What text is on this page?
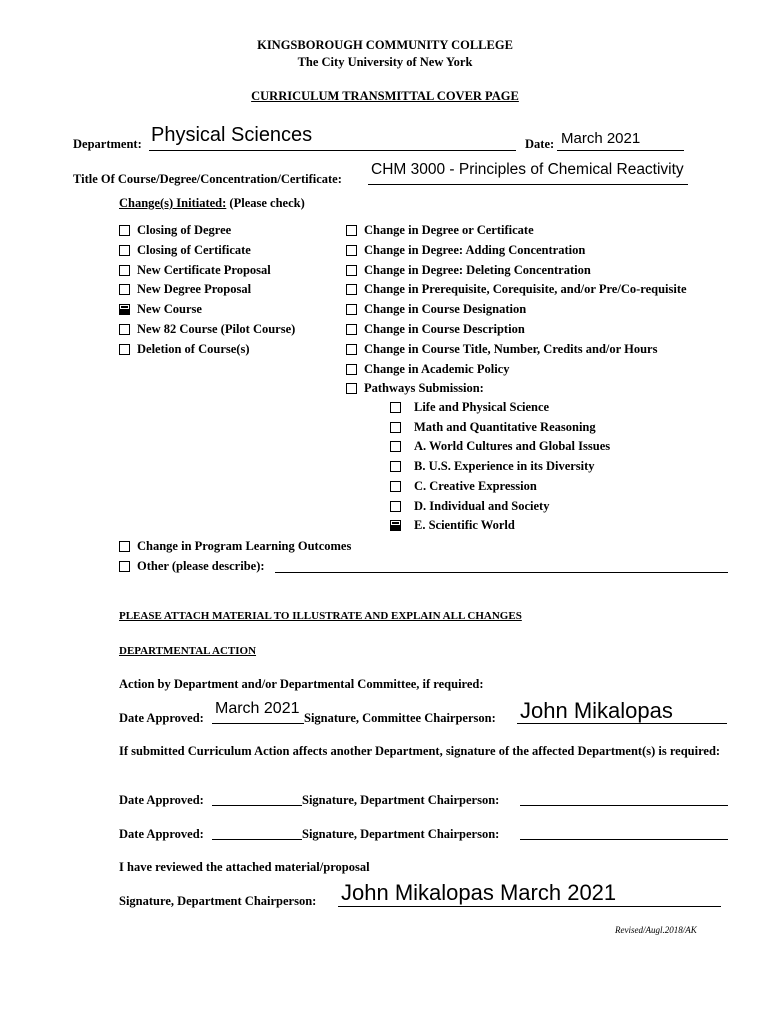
KINGSBOROUGH COMMUNITY COLLEGE
The City University of New York
CURRICULUM TRANSMITTAL COVER PAGE
Department: Physical Sciences	Date: March 2021
Title Of Course/Degree/Concentration/Certificate:
CHM 3000 - Principles of Chemical Reactivity
Change(s) Initiated: (Please check)
Closing of Degree
Closing of Certificate
New Certificate Proposal
New Degree Proposal
New Course
New 82 Course (Pilot Course)
Deletion of Course(s)
Change in Degree or Certificate
Change in Degree: Adding Concentration
Change in Degree: Deleting Concentration
Change in Prerequisite, Corequisite, and/or Pre/Co-requisite
Change in Course Designation
Change in Course Description
Change in Course Title, Number, Credits and/or Hours
Change in Academic Policy
Pathways Submission:
Life and Physical Science
Math and Quantitative Reasoning
A. World Cultures and Global Issues
B. U.S. Experience in its Diversity
C. Creative Expression
D. Individual and Society
E. Scientific World
Change in Program Learning Outcomes
Other (please describe):
PLEASE ATTACH MATERIAL TO ILLUSTRATE AND EXPLAIN ALL CHANGES
DEPARTMENTAL ACTION
Action by Department and/or Departmental Committee, if required:
Date Approved:
March 2021
Signature, Committee Chairperson: John Mikalopas
If submitted Curriculum Action affects another Department, signature of the affected Department(s) is required:
Date Approved:	Signature, Department Chairperson:
Date Approved:	Signature, Department Chairperson:
I have reviewed the attached material/proposal
Signature, Department Chairperson: John Mikalopas March 2021
Revised/Augl.2018/AK
